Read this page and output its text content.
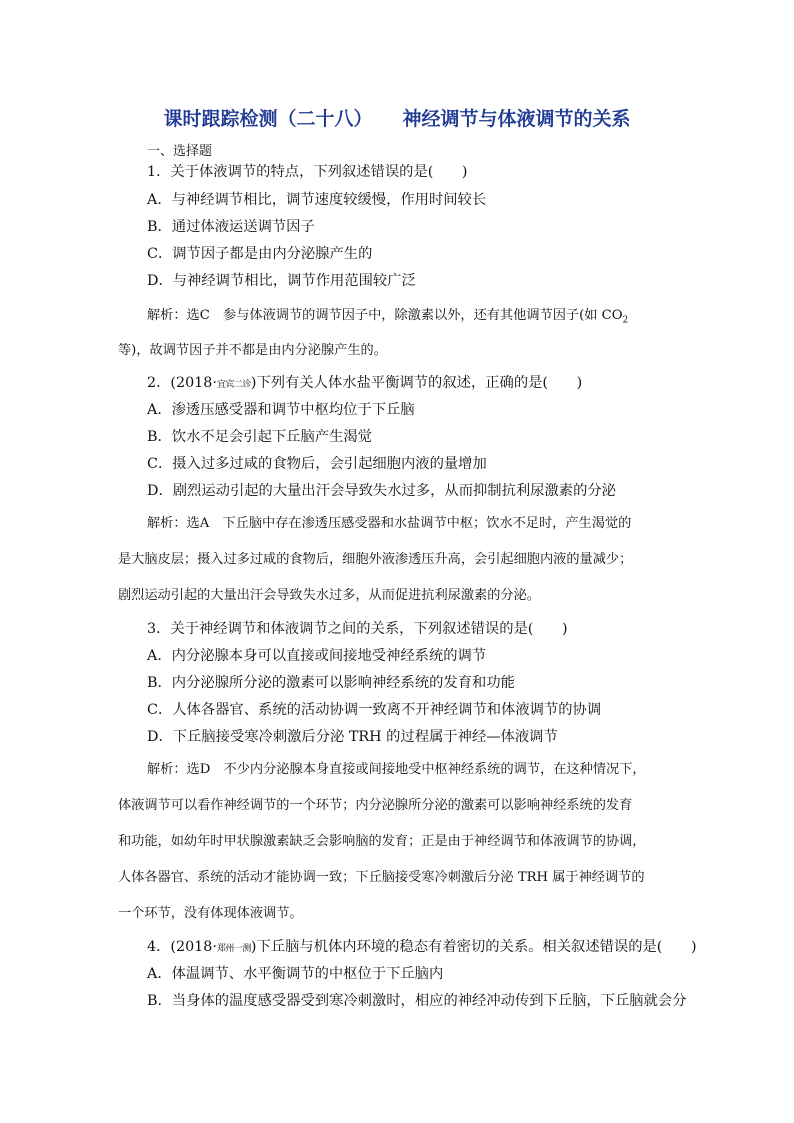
课时跟踪检测（二十八） 神经调节与体液调节的关系
一、选择题
1．关于体液调节的特点，下列叙述错误的是(　　)
A．与神经调节相比，调节速度较缓慢，作用时间较长
B．通过体液运送调节因子
C．调节因子都是由内分泌腺产生的
D．与神经调节相比，调节作用范围较广泛
解析：选C　参与体液调节的调节因子中，除激素以外，还有其他调节因子(如 $CO_2$
等)，故调节因子并不都是由内分泌腺产生的。
2．(2018·宜宾二诊)下列有关人体水盐平衡调节的叙述，正确的是(　　)
A．渗透压感受器和调节中枢均位于下丘脑
B．饮水不足会引起下丘脑产生渴觉
C．摄入过多过咸的食物后，会引起细胞内液的量增加
D．剧烈运动引起的大量出汗会导致失水过多，从而抑制抗利尿激素的分泌
解析：选A　下丘脑中存在渗透压感受器和水盐调节中枢；饮水不足时，产生渴觉的
是大脑皮层；摄入过多过咸的食物后，细胞外液渗透压升高，会引起细胞内液的量减少；
剧烈运动引起的大量出汗会导致失水过多，从而促进抗利尿激素的分泌。
3．关于神经调节和体液调节之间的关系，下列叙述错误的是(　　)
A．内分泌腺本身可以直接或间接地受神经系统的调节
B．内分泌腺所分泌的激素可以影响神经系统的发育和功能
C．人体各器官、系统的活动协调一致离不开神经调节和体液调节的协调
D．下丘脑接受寒冷刺激后分泌 TRH 的过程属于神经—体液调节
解析：选D　不少内分泌腺本身直接或间接地受中枢神经系统的调节，在这种情况下，
体液调节可以看作神经调节的一个环节；内分泌腺所分泌的激素可以影响神经系统的发育
和功能，如幼年时甲状腺激素缺乏会影响脑的发育；正是由于神经调节和体液调节的协调，
人体各器官、系统的活动才能协调一致；下丘脑接受寒冷刺激后分泌 TRH 属于神经调节的
一个环节，没有体现体液调节。
4．(2018·郑州一测)下丘脑与机体内环境的稳态有着密切的关系。相关叙述错误的是(　　)
A．体温调节、水平衡调节的中枢位于下丘脑内
B．当身体的温度感受器受到寒冷刺激时，相应的神经冲动传到下丘脑，下丘脑就会分
